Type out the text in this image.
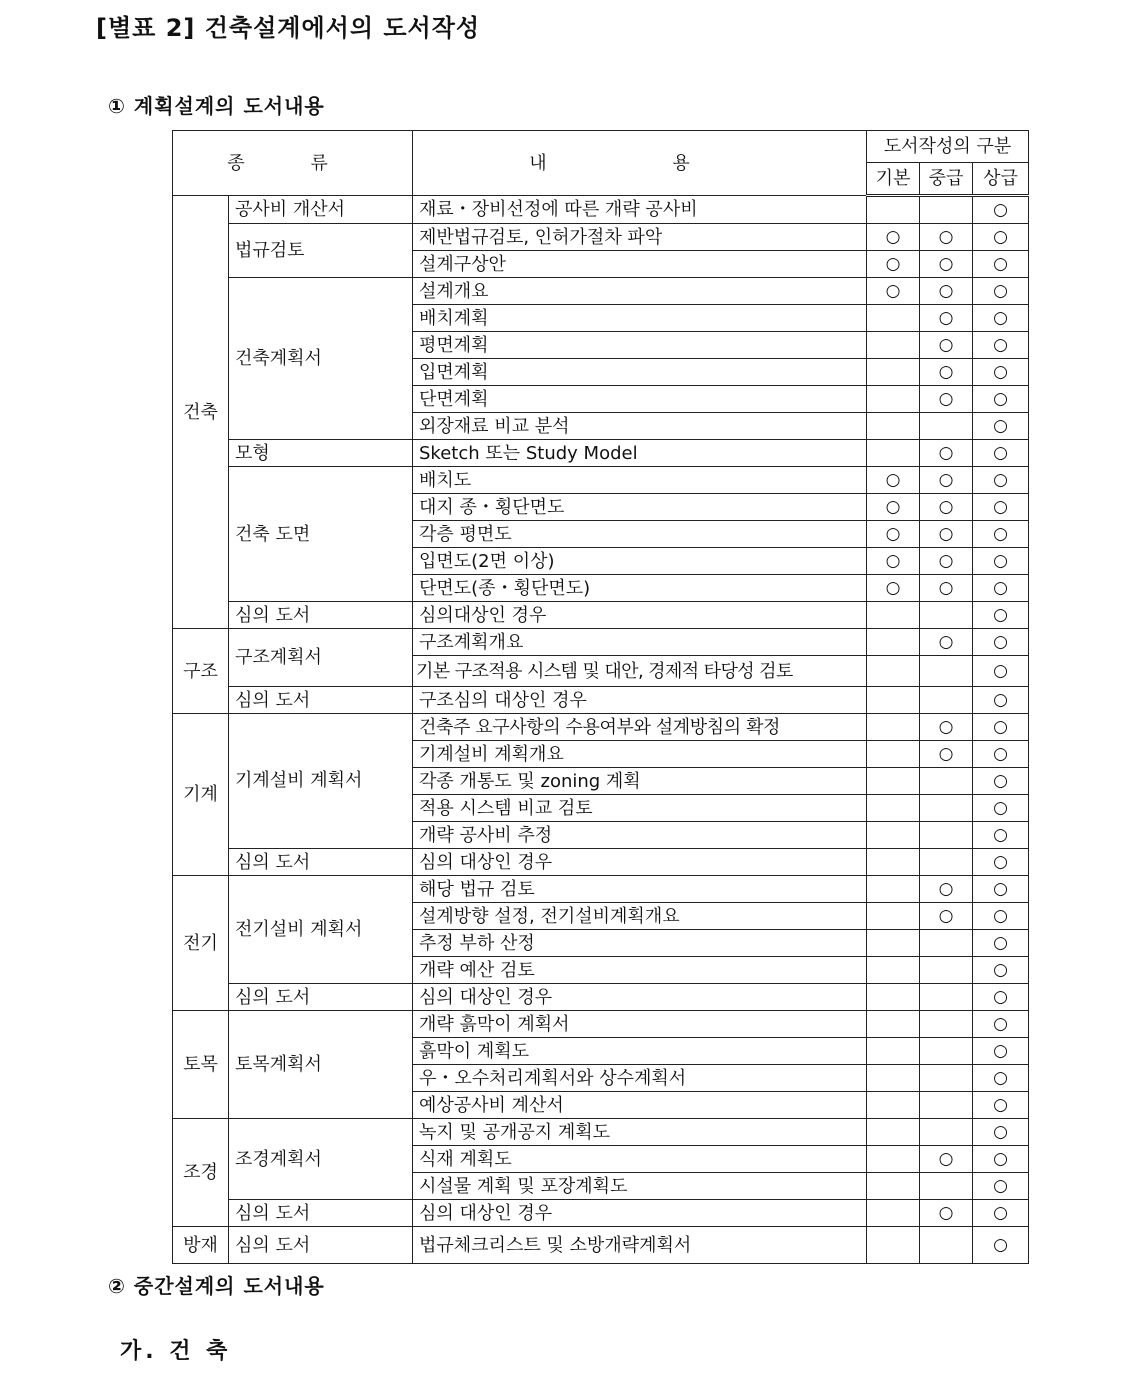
[별표 2] 건축설계에서의 도서작성
① 계획설계의 도서내용
종 류		내 용	도서작성의 구분		
			기본	중급	상급
건축	공사비 개산서	재료・장비선정에 따른 개략 공사비			○
	법규검토	제반법규검토, 인허가절차 파악	○	○	○
		설계구상안	○	○	○
	건축계획서	설계개요	○	○	○
		배치계획		○	○
		평면계획		○	○
		입면계획		○	○
		단면계획		○	○
		외장재료 비교 분석			○
	모형	Sketch 또는 Study Model		○	○
	건축 도면	배치도	○	○	○
		대지 종・횡단면도	○	○	○
		각층 평면도	○	○	○
		입면도(2면 이상)	○	○	○
		단면도(종・횡단면도)	○	○	○
	심의 도서	심의대상인 경우			○
구조	구조계획서	구조계획개요		○	○
		기본 구조적용 시스템 및 대안, 경제적 타당성 검토			○
	심의 도서	구조심의 대상인 경우			○
기계	기계설비 계획서	건축주 요구사항의 수용여부와 설계방침의 확정		○	○
		기계설비 계획개요		○	○
		각종 개통도 및 zoning 계획			○
		적용 시스템 비교 검토			○
		개략 공사비 추정			○
	심의 도서	심의 대상인 경우			○
전기	전기설비 계획서	해당 법규 검토		○	○
		설계방향 설정, 전기설비계획개요		○	○
		추정 부하 산정			○
		개략 예산 검토			○
	심의 도서	심의 대상인 경우			○
토목	토목계획서	개략 흙막이 계획서			○
		흙막이 계획도			○
		우・오수처리계획서와 상수계획서			○
		예상공사비 계산서			○
조경	조경계획서	녹지 및 공개공지 계획도			○
		식재 계획도		○	○
		시설물 계획 및 포장계획도			○
	심의 도서	심의 대상인 경우		○	○
방재	심의 도서	법규체크리스트 및 소방개략계획서			○
② 중간설계의 도서내용
가. 건 축
